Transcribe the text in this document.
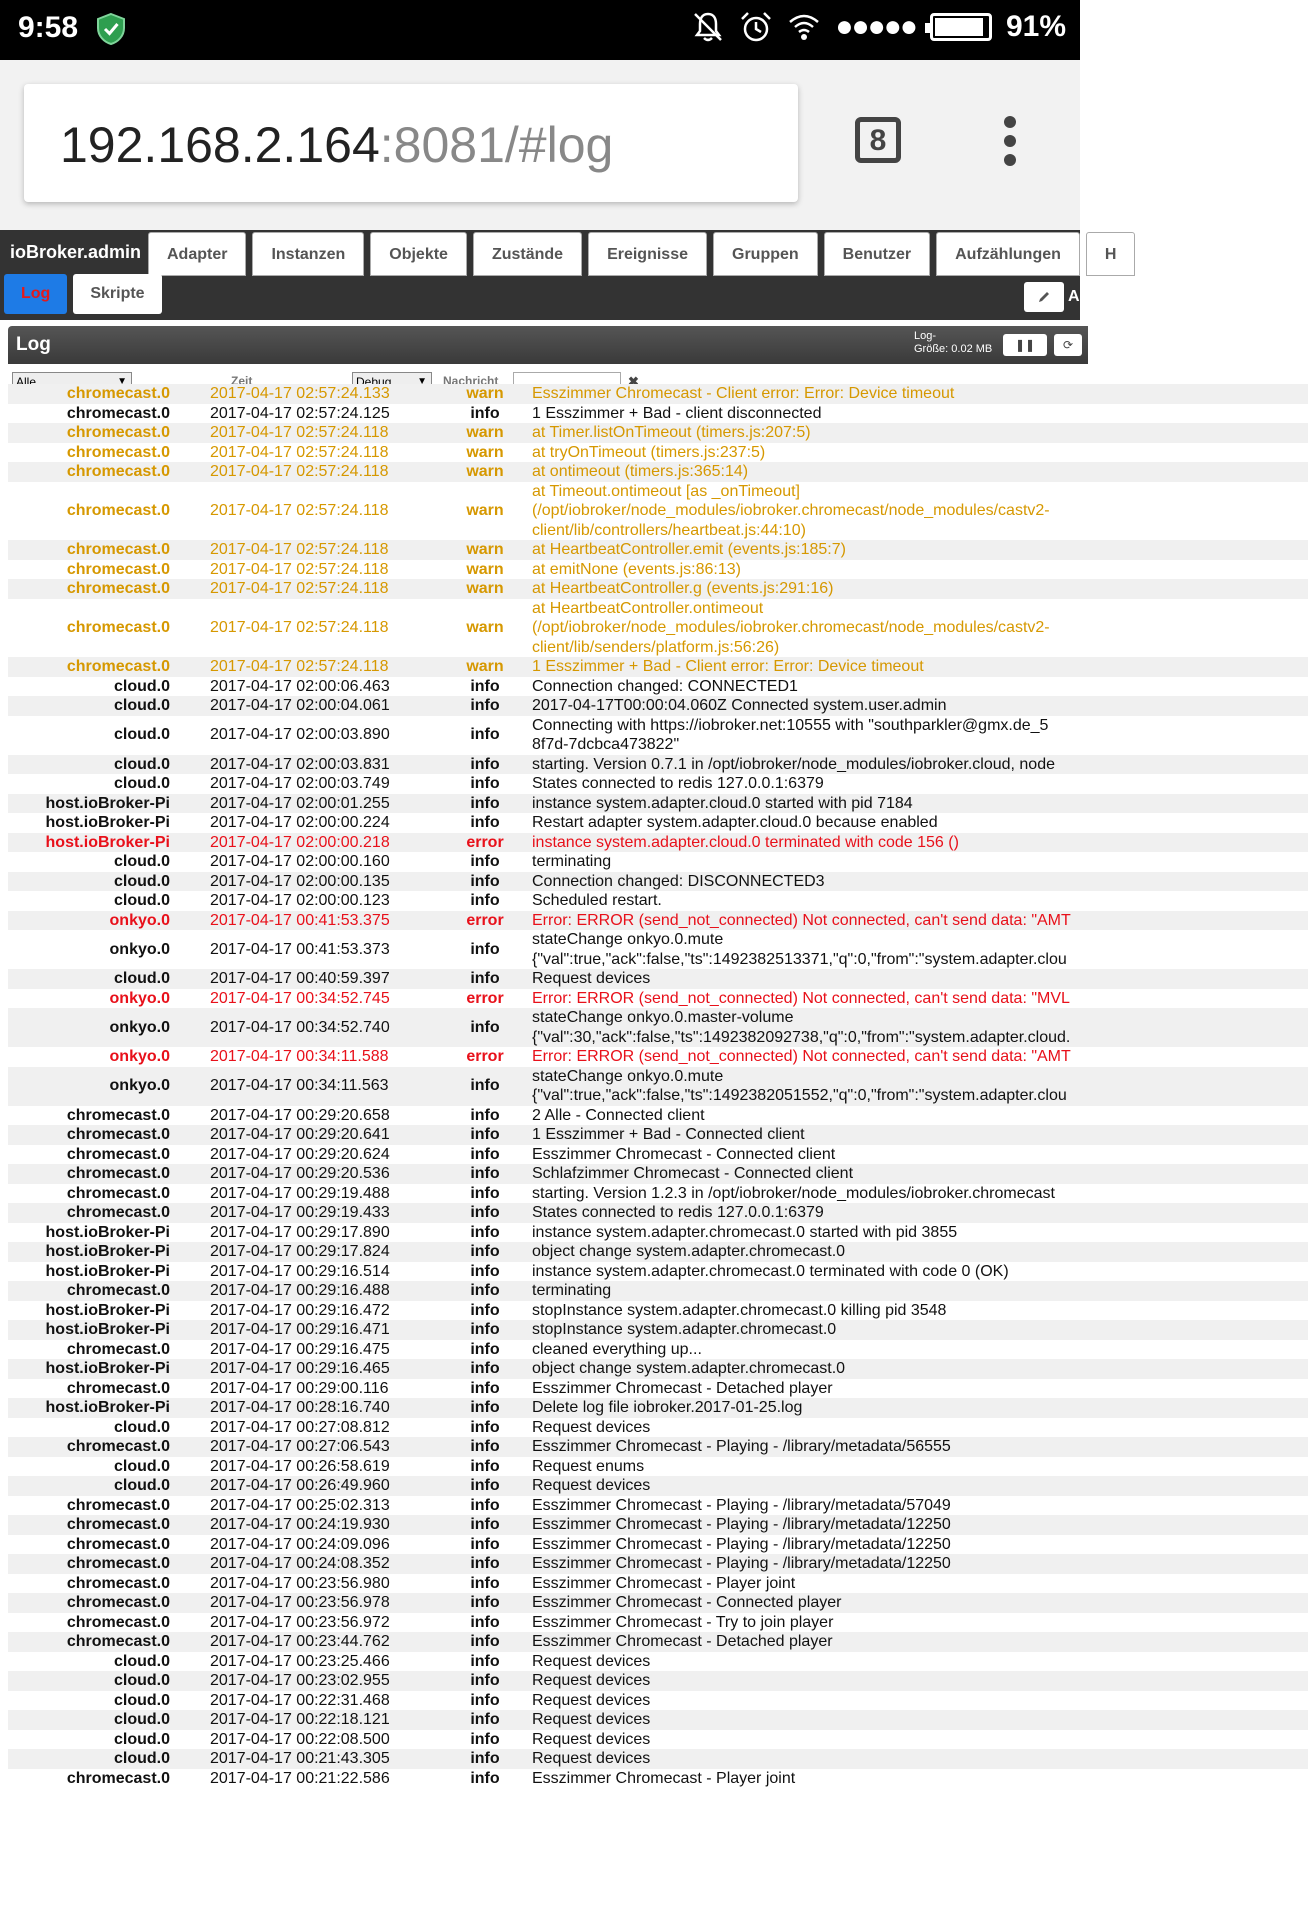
9:58	●●●●●	91%
192.168.2.164:8081/#log	8
ioBroker.admin	Adapter	Instanzen	Objekte	Zustände	Ereignisse	Gruppen	Benutzer	Aufzählungen	H
Log	Skripte	A
Log	Log-
Größe: 0.02 MB	❚❚	⟳
Alle	▼	Zeit	Debug	▼ Nachricht	✖
chromecast.0	2017-04-17 02:57:24.133	warn	Esszimmer Chromecast - Client error: Error: Device timeout
chromecast.0	2017-04-17 02:57:24.125	info	1 Esszimmer + Bad - client disconnected
chromecast.0	2017-04-17 02:57:24.118	warn	at Timer.listOnTimeout (timers.js:207:5)
chromecast.0	2017-04-17 02:57:24.118	warn	at tryOnTimeout (timers.js:237:5)
chromecast.0	2017-04-17 02:57:24.118	warn	at ontimeout (timers.js:365:14)
chromecast.0	2017-04-17 02:57:24.118	warn	at Timeout.ontimeout [as _onTimeout]
(/opt/iobroker/node_modules/iobroker.chromecast/node_modules/castv2-
client/lib/controllers/heartbeat.js:44:10)
chromecast.0	2017-04-17 02:57:24.118	warn	at HeartbeatController.emit (events.js:185:7)
chromecast.0	2017-04-17 02:57:24.118	warn	at emitNone (events.js:86:13)
chromecast.0	2017-04-17 02:57:24.118	warn	at HeartbeatController.g (events.js:291:16)
chromecast.0	2017-04-17 02:57:24.118	warn	at HeartbeatController.ontimeout
(/opt/iobroker/node_modules/iobroker.chromecast/node_modules/castv2-
client/lib/senders/platform.js:56:26)
chromecast.0	2017-04-17 02:57:24.118	warn	1 Esszimmer + Bad - Client error: Error: Device timeout
cloud.0	2017-04-17 02:00:06.463	info	Connection changed: CONNECTED1
cloud.0	2017-04-17 02:00:04.061	info	2017-04-17T00:00:04.060Z Connected system.user.admin
cloud.0	2017-04-17 02:00:03.890	info	Connecting with https://iobroker.net:10555 with "southparkler@gmx.de_5
8f7d-7dcbca473822"
cloud.0	2017-04-17 02:00:03.831	info	starting. Version 0.7.1 in /opt/iobroker/node_modules/iobroker.cloud, node
cloud.0	2017-04-17 02:00:03.749	info	States connected to redis 127.0.0.1:6379
host.ioBroker-Pi	2017-04-17 02:00:01.255	info	instance system.adapter.cloud.0 started with pid 7184
host.ioBroker-Pi	2017-04-17 02:00:00.224	info	Restart adapter system.adapter.cloud.0 because enabled
host.ioBroker-Pi	2017-04-17 02:00:00.218	error	instance system.adapter.cloud.0 terminated with code 156 ()
cloud.0	2017-04-17 02:00:00.160	info	terminating
cloud.0	2017-04-17 02:00:00.135	info	Connection changed: DISCONNECTED3
cloud.0	2017-04-17 02:00:00.123	info	Scheduled restart.
onkyo.0	2017-04-17 00:41:53.375	error	Error: ERROR (send_not_connected) Not connected, can't send data: "AMT
onkyo.0	2017-04-17 00:41:53.373	info	stateChange onkyo.0.mute
{"val":true,"ack":false,"ts":1492382513371,"q":0,"from":"system.adapter.clou
cloud.0	2017-04-17 00:40:59.397	info	Request devices
onkyo.0	2017-04-17 00:34:52.745	error	Error: ERROR (send_not_connected) Not connected, can't send data: "MVL
onkyo.0	2017-04-17 00:34:52.740	info	stateChange onkyo.0.master-volume
{"val":30,"ack":false,"ts":1492382092738,"q":0,"from":"system.adapter.cloud.
onkyo.0	2017-04-17 00:34:11.588	error	Error: ERROR (send_not_connected) Not connected, can't send data: "AMT
onkyo.0	2017-04-17 00:34:11.563	info	stateChange onkyo.0.mute
{"val":true,"ack":false,"ts":1492382051552,"q":0,"from":"system.adapter.clou
chromecast.0	2017-04-17 00:29:20.658	info	2 Alle - Connected client
chromecast.0	2017-04-17 00:29:20.641	info	1 Esszimmer + Bad - Connected client
chromecast.0	2017-04-17 00:29:20.624	info	Esszimmer Chromecast - Connected client
chromecast.0	2017-04-17 00:29:20.536	info	Schlafzimmer Chromecast - Connected client
chromecast.0	2017-04-17 00:29:19.488	info	starting. Version 1.2.3 in /opt/iobroker/node_modules/iobroker.chromecast
chromecast.0	2017-04-17 00:29:19.433	info	States connected to redis 127.0.0.1:6379
host.ioBroker-Pi	2017-04-17 00:29:17.890	info	instance system.adapter.chromecast.0 started with pid 3855
host.ioBroker-Pi	2017-04-17 00:29:17.824	info	object change system.adapter.chromecast.0
host.ioBroker-Pi	2017-04-17 00:29:16.514	info	instance system.adapter.chromecast.0 terminated with code 0 (OK)
chromecast.0	2017-04-17 00:29:16.488	info	terminating
host.ioBroker-Pi	2017-04-17 00:29:16.472	info	stopInstance system.adapter.chromecast.0 killing pid 3548
host.ioBroker-Pi	2017-04-17 00:29:16.471	info	stopInstance system.adapter.chromecast.0
chromecast.0	2017-04-17 00:29:16.475	info	cleaned everything up...
host.ioBroker-Pi	2017-04-17 00:29:16.465	info	object change system.adapter.chromecast.0
chromecast.0	2017-04-17 00:29:00.116	info	Esszimmer Chromecast - Detached player
host.ioBroker-Pi	2017-04-17 00:28:16.740	info	Delete log file iobroker.2017-01-25.log
cloud.0	2017-04-17 00:27:08.812	info	Request devices
chromecast.0	2017-04-17 00:27:06.543	info	Esszimmer Chromecast - Playing - /library/metadata/56555
cloud.0	2017-04-17 00:26:58.619	info	Request enums
cloud.0	2017-04-17 00:26:49.960	info	Request devices
chromecast.0	2017-04-17 00:25:02.313	info	Esszimmer Chromecast - Playing - /library/metadata/57049
chromecast.0	2017-04-17 00:24:19.930	info	Esszimmer Chromecast - Playing - /library/metadata/12250
chromecast.0	2017-04-17 00:24:09.096	info	Esszimmer Chromecast - Playing - /library/metadata/12250
chromecast.0	2017-04-17 00:24:08.352	info	Esszimmer Chromecast - Playing - /library/metadata/12250
chromecast.0	2017-04-17 00:23:56.980	info	Esszimmer Chromecast - Player joint
chromecast.0	2017-04-17 00:23:56.978	info	Esszimmer Chromecast - Connected player
chromecast.0	2017-04-17 00:23:56.972	info	Esszimmer Chromecast - Try to join player
chromecast.0	2017-04-17 00:23:44.762	info	Esszimmer Chromecast - Detached player
cloud.0	2017-04-17 00:23:25.466	info	Request devices
cloud.0	2017-04-17 00:23:02.955	info	Request devices
cloud.0	2017-04-17 00:22:31.468	info	Request devices
cloud.0	2017-04-17 00:22:18.121	info	Request devices
cloud.0	2017-04-17 00:22:08.500	info	Request devices
cloud.0	2017-04-17 00:21:43.305	info	Request devices
chromecast.0	2017-04-17 00:21:22.586	info	Esszimmer Chromecast - Player joint
